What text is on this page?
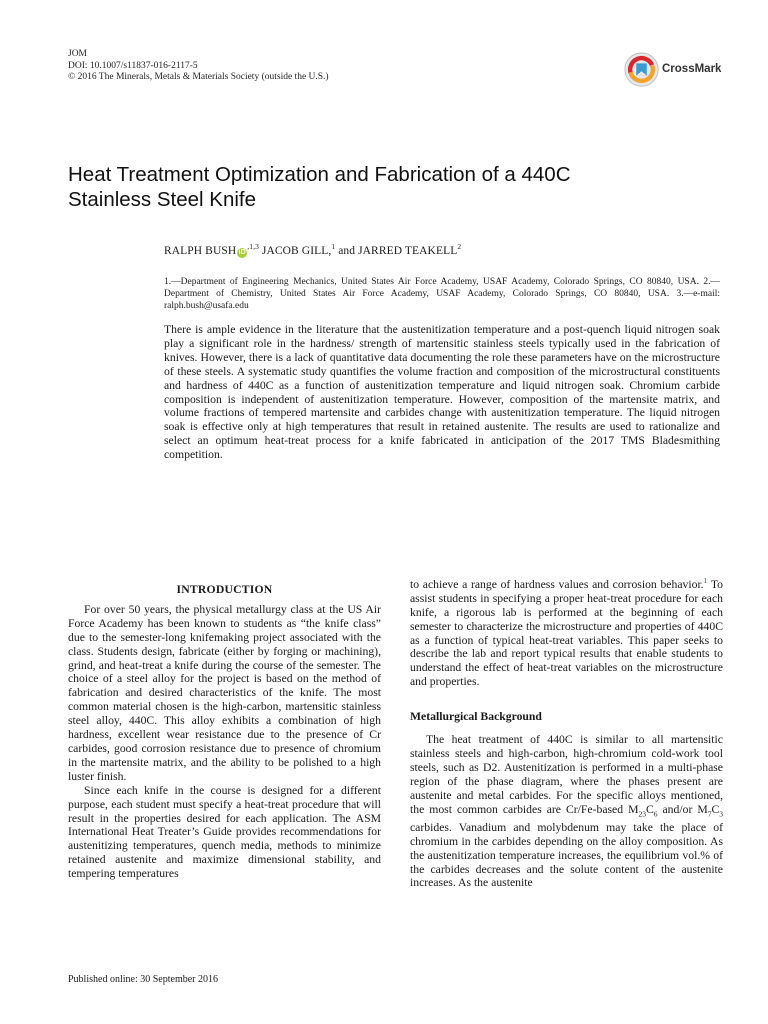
JOM
DOI: 10.1007/s11837-016-2117-5
© 2016 The Minerals, Metals & Materials Society (outside the U.S.)
CrossMark
Heat Treatment Optimization and Fabrication of a 440C Stainless Steel Knife
RALPH BUSH $iD^{,1,3}$ JACOB GILL,$^1$ and JARRED TEAKELL$^2$
1.—Department of Engineering Mechanics, United States Air Force Academy, USAF Academy, Colorado Springs, CO 80840, USA. 2.—Department of Chemistry, United States Air Force Academy, USAF Academy, Colorado Springs, CO 80840, USA. 3.—e-mail: ralph.bush@usafa.edu
There is ample evidence in the literature that the austenitization temperature and a post-quench liquid nitrogen soak play a significant role in the hardness/ strength of martensitic stainless steels typically used in the fabrication of knives. However, there is a lack of quantitative data documenting the role these parameters have on the microstructure of these steels. A systematic study quantifies the volume fraction and composition of the microstructural constituents and hardness of 440C as a function of austenitization temperature and liquid nitrogen soak. Chromium carbide composition is independent of austenitization temperature. However, composition of the martensite matrix, and volume fractions of tempered martensite and carbides change with austenitization temperature. The liquid nitrogen soak is effective only at high temperatures that result in retained austenite. The results are used to rationalize and select an optimum heat-treat process for a knife fabricated in anticipation of the 2017 TMS Bladesmithing competition.
INTRODUCTION

For over 50 years, the physical metallurgy class at the US Air Force Academy has been known to students as “the knife class” due to the semester-long knifemaking project associated with the class. Students design, fabricate (either by forging or machining), grind, and heat-treat a knife during the course of the semester. The choice of a steel alloy for the project is based on the method of fabrication and desired characteristics of the knife. The most common material chosen is the high-carbon, martensitic stainless steel alloy, 440C. This alloy exhibits a combination of high hardness, excellent wear resistance due to the presence of Cr carbides, good corrosion resistance due to presence of chromium in the martensite matrix, and the ability to be polished to a high luster finish.

Since each knife in the course is designed for a different purpose, each student must specify a heat-treat procedure that will result in the properties desired for each application. The ASM International Heat Treater’s Guide provides recommendations for austenitizing temperatures, quench media, methods to minimize retained austenite and maximize dimensional stability, and tempering temperatures

to achieve a range of hardness values and corrosion behavior.$^1$ To assist students in specifying a proper heat-treat procedure for each knife, a rigorous lab is performed at the beginning of each semester to characterize the microstructure and properties of 440C as a function of typical heat-treat variables. This paper seeks to describe the lab and report typical results that enable students to understand the effect of heat-treat variables on the microstructure and properties.

Metallurgical Background

The heat treatment of 440C is similar to all martensitic stainless steels and high-carbon, high-chromium cold-work tool steels, such as D2. Austenitization is performed in a multi-phase region of the phase diagram, where the phases present are austenite and metal carbides. For the specific alloys mentioned, the most common carbides are Cr/Fe-based $M_{23}C_6$ and/or $M_7C_3$ carbides. Vanadium and molybdenum may take the place of chromium in the carbides depending on the alloy composition. As the austenitization temperature increases, the equilibrium vol.% of the carbides decreases and the solute content of the austenite increases. As the austenite

Published online: 30 September 2016
